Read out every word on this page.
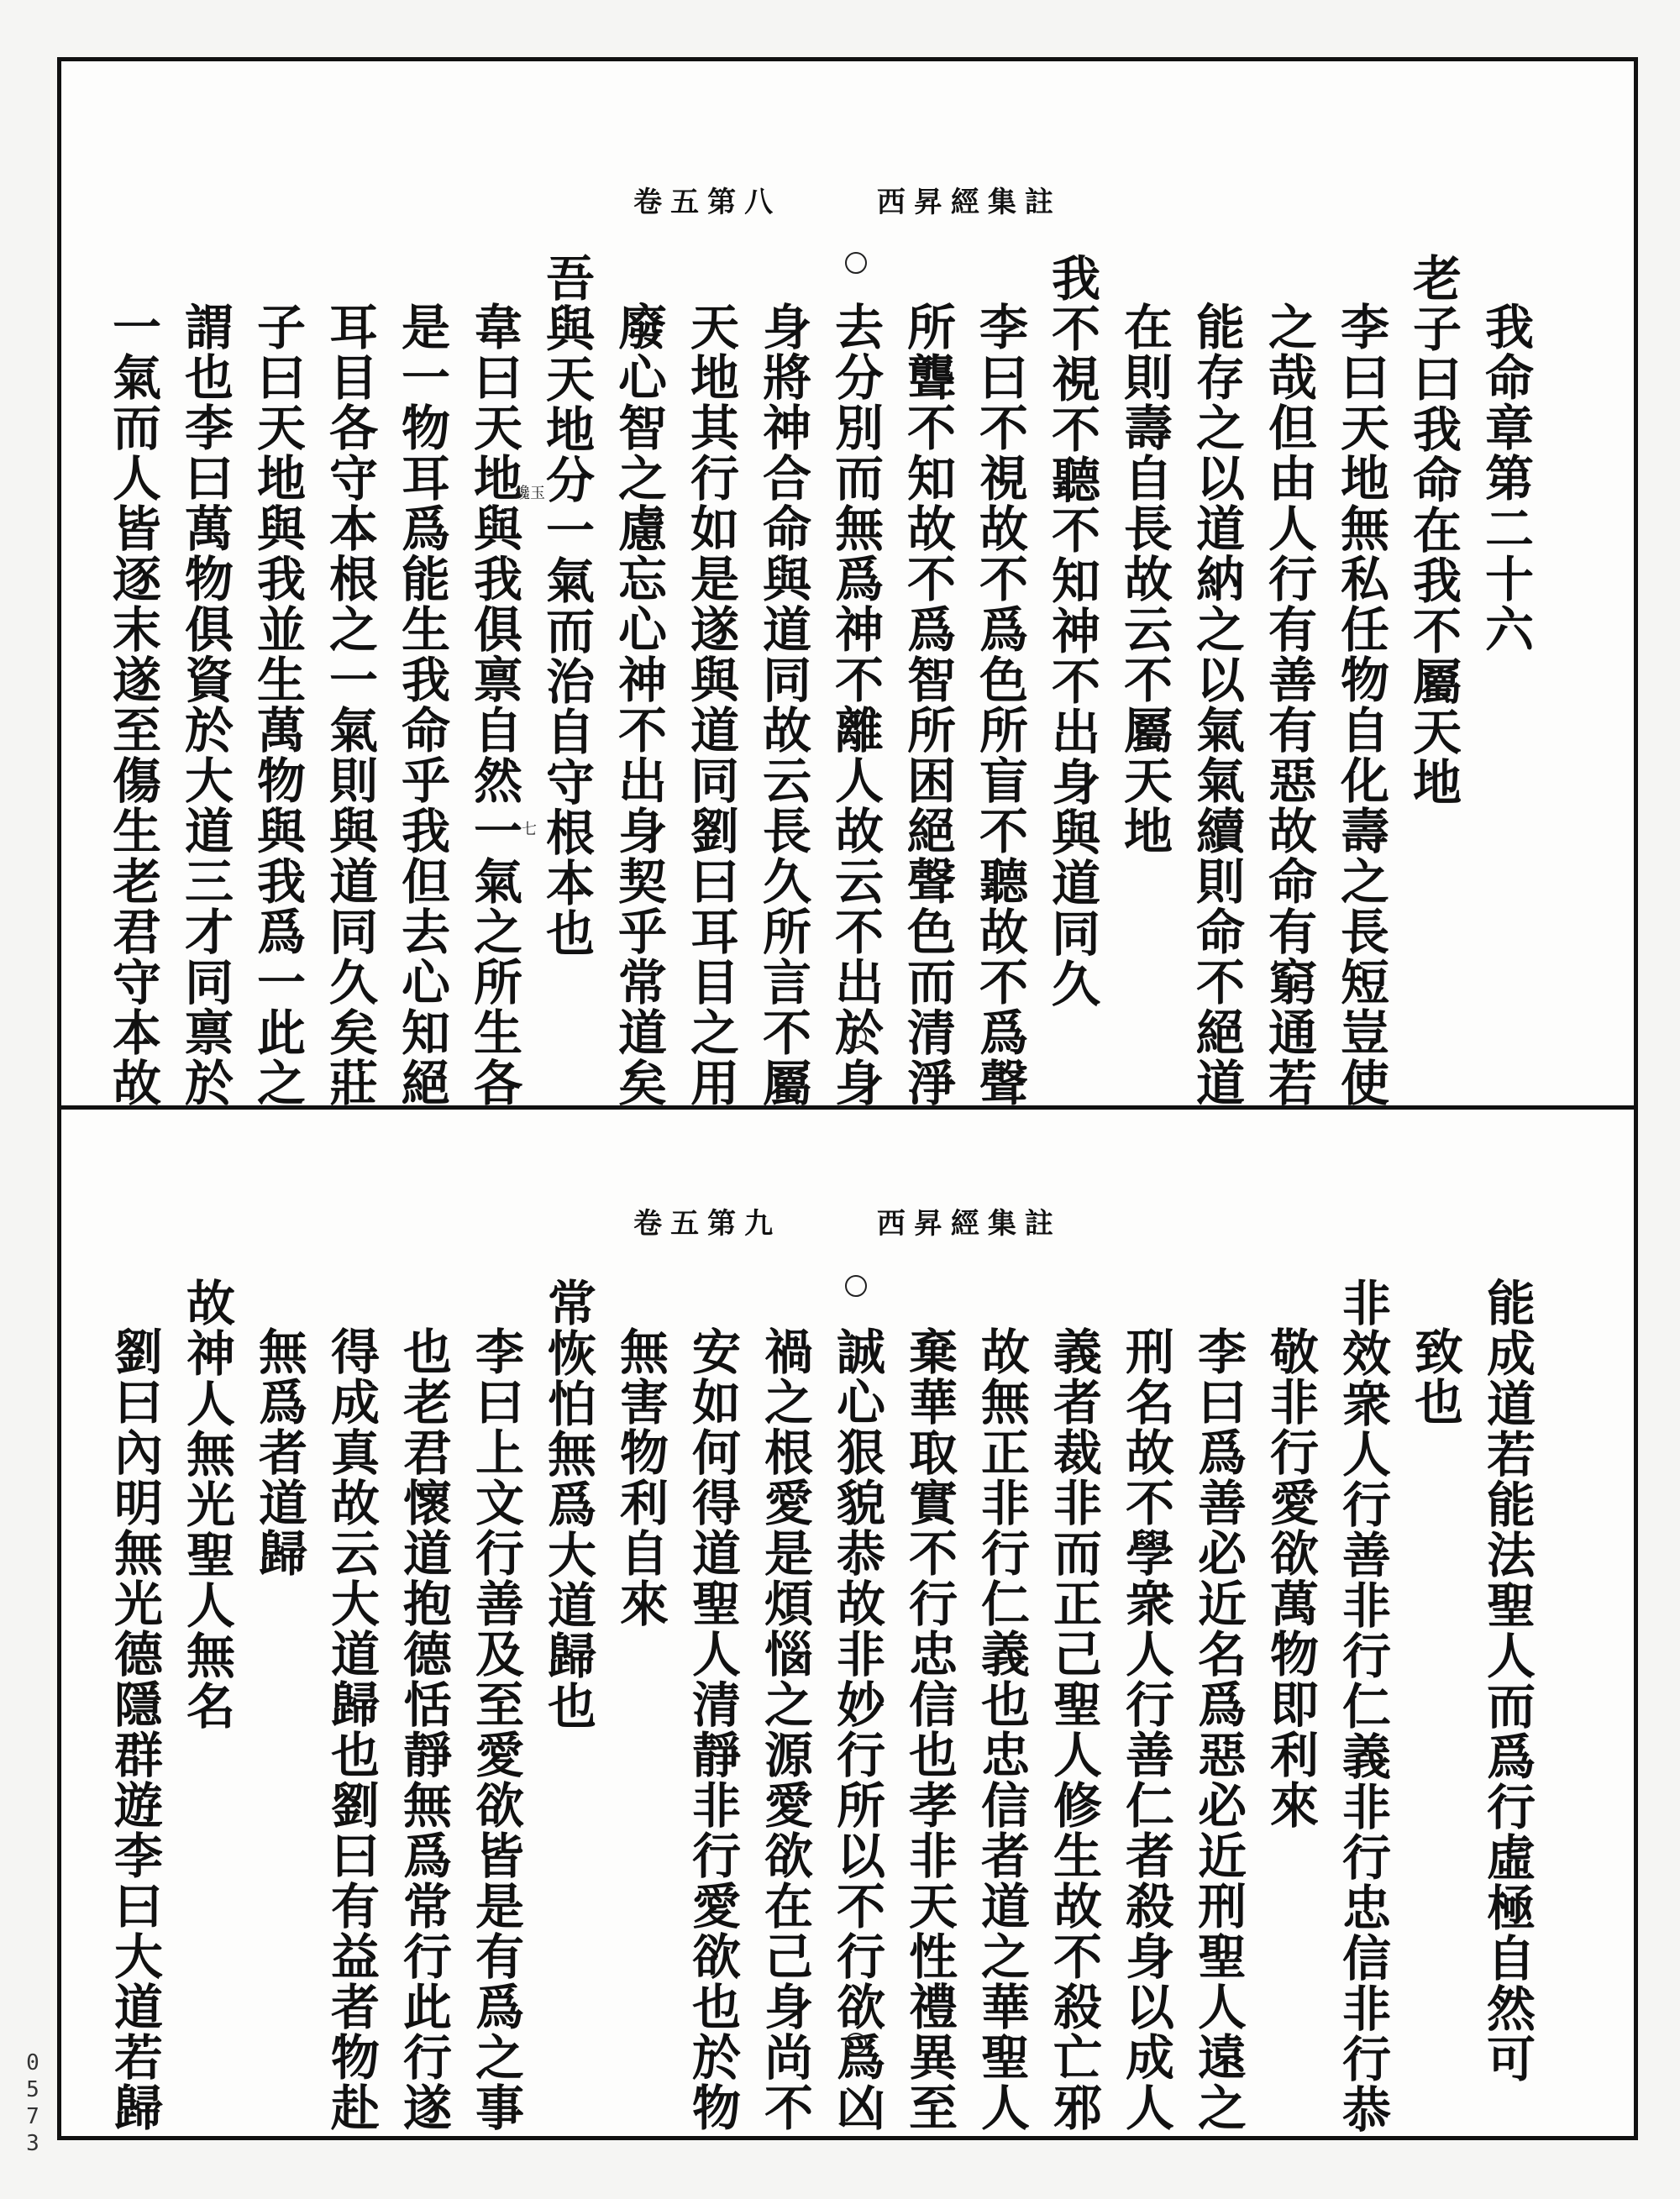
卷五第八	西昇經集註
我命章第二十六
老子曰我命在我不屬天地
李曰天地無私任物自化壽之長短豈使
之哉但由人行有善有惡故命有窮通若
能存之以道納之以氣氣續則命不絕道
在則壽自長故云不屬天地
我不視不聽不知神不出身與道同久
李曰不視故不爲色所盲不聽故不爲聲
所聾不知故不爲智所困絕聲色而清淨
去分別而無爲神不離人故云不出於身
身將神合命與道同故云長久所言不屬
天地其行如是遂與道同劉曰耳目之用
廢心智之慮忘心神不出身契乎常道矣
吾與天地分一氣而治自守根本也
韋曰天地與我俱禀自然一氣之所生各
是一物耳爲能生我命乎我但去心知絕
耳目各守本根之一氣則與道同久矣莊
子曰天地與我並生萬物與我爲一此之
謂也李曰萬物俱資於大道三才同禀於
一氣而人皆逐末遂至傷生老君守本故	纔玉
七
卷五第九	西昇經集註
能成道若能法聖人而爲行虛極自然可
致也
非效衆人行善非行仁義非行忠信非行恭
敬非行愛欲萬物即利來
李曰爲善必近名爲惡必近刑聖人遠之
刑名故不學衆人行善仁者殺身以成人
義者裁非而正己聖人修生故不殺亡邪
故無正非行仁義也忠信者道之華聖人
棄華取實不行忠信也孝非天性禮異至
誠心狠貌恭故非妙行所以不行欲爲凶
禍之根愛是煩惱之源愛欲在己身尚不
安如何得道聖人清靜非行愛欲也於物
無害物利自來
常恢怕無爲大道歸也
李曰上文行善及至愛欲皆是有爲之事
也老君懷道抱德恬靜無爲常行此行遂
得成真故云大道歸也劉曰有益者物赴
無爲者道歸
故神人無光聖人無名
劉曰內明無光德隱群遊李曰大道若歸
0
5
7
3
